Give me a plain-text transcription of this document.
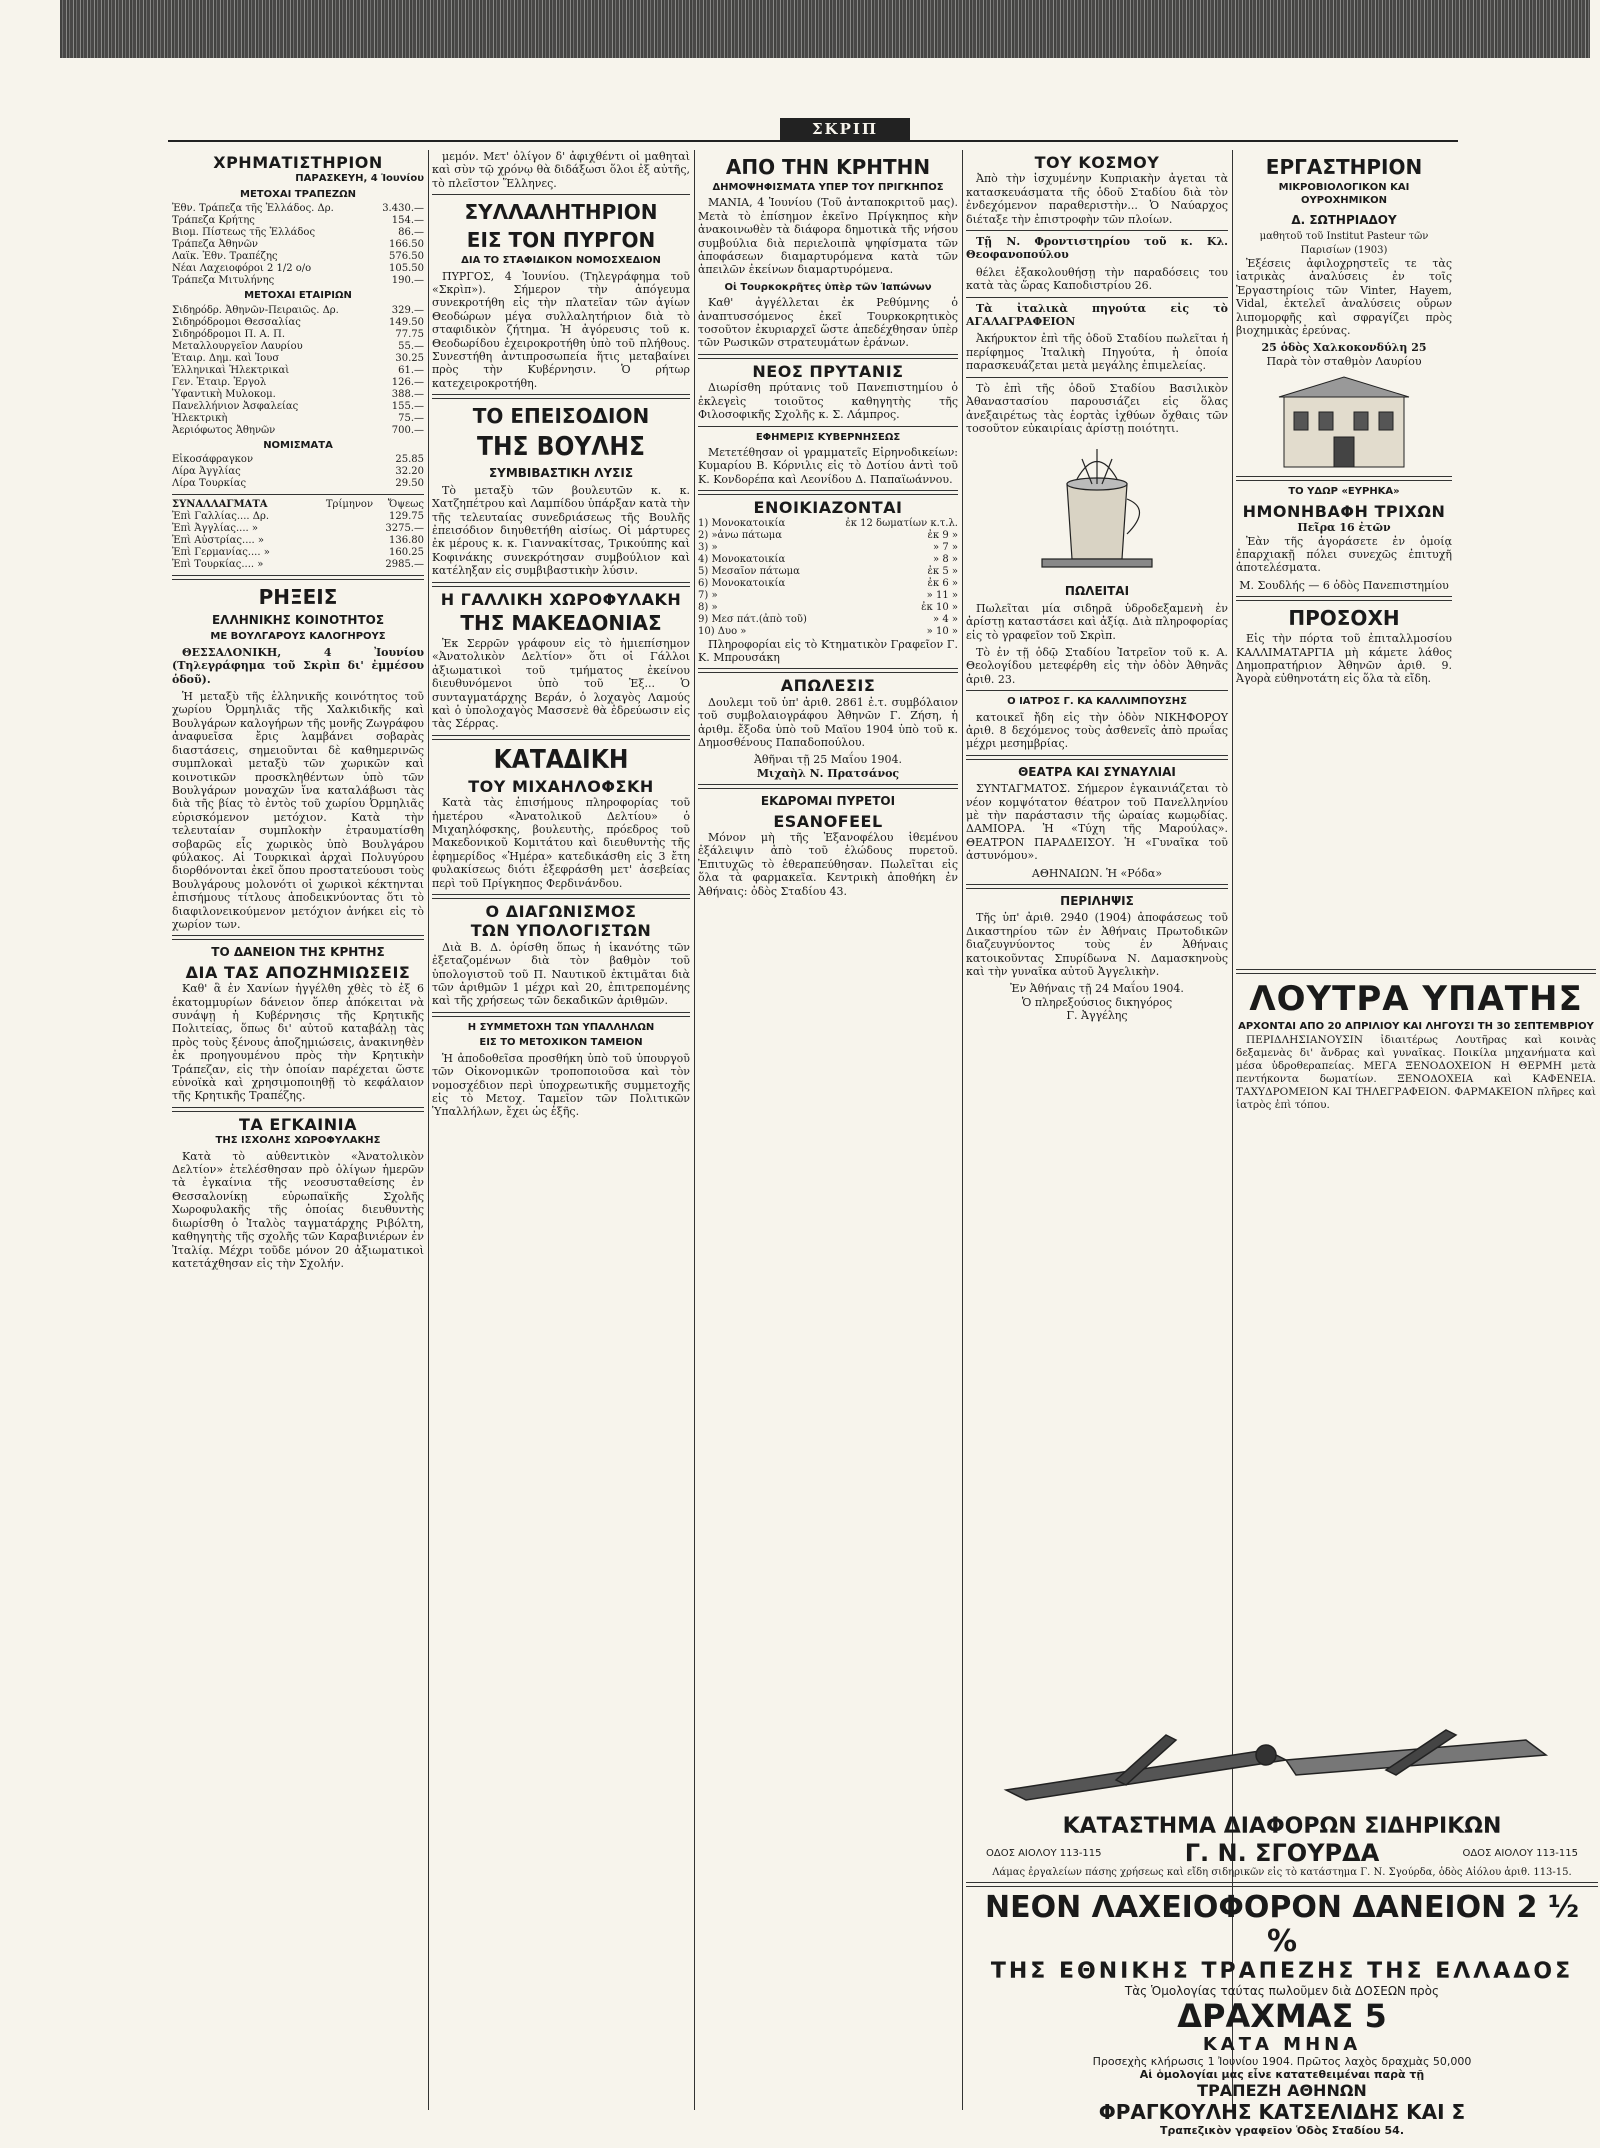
ΣΚΡΙΠ
ΧΡΗΜΑΤΙΣΤΗΡΙΟΝ
ΠΑΡΑΣΚΕΥΗ, 4 Ἰουνίου
ΜΕΤΟΧΑΙ ΤΡΑΠΕΖΩΝ
Ἐθν. Τράπεζα τῆς Ἑλλάδος. Δρ.	3.430.—
Τράπεζα Κρήτης	154.—
Βιομ. Πίστεως τῆς Ἑλλάδος	86.—
Τράπεζα Ἀθηνῶν	166.50
Λαϊκ. Ἐθν. Τραπέζης	576.50
Νέαι Λαχειοφόροι 2 1/2 ο/ο	105.50
Τράπεζα Μιτυλήνης	190.—
ΜΕΤΟΧΑΙ ΕΤΑΙΡΙΩΝ
Σιδηρόδρ. Ἀθηνῶν-Πειραιῶς. Δρ.	329.—
Σιδηρόδρομοι Θεσσαλίας	149.50
Σιδηρόδρομοι Π. Α. Π.	77.75
Μεταλλουργεῖον Λαυρίου	55.—
Ἑταιρ. Δημ. καὶ Ἰουσ	30.25
Ἑλληνικαὶ Ἠλεκτρικαὶ	61.—
Γεν. Ἐταιρ. Ἐργολ	126.—
Ὑφαντικὴ Μυλοκομ.	388.—
Πανελλήνιον Ἀσφαλείας	155.—
Ἠλεκτρικὴ	75.—
Ἀεριόφωτος Ἀθηνῶν	700.—
ΝΟΜΙΣΜΑΤΑ
Εἰκοσάφραγκον	25.85
Λίρα Ἀγγλίας	32.20
Λίρα Τουρκίας	29.50
ΣΥΝΑΛΛΑΓΜΑΤΑ	Τρίμηνον	Ὄψεως
Ἐπὶ Γαλλίας.... Δρ.	129.75
Ἐπὶ Ἀγγλίας.... »	3275.—
Ἐπὶ Αὐστρίας.... »	136.80
Ἐπὶ Γερμανίας.... »	160.25
Ἐπὶ Τουρκίας.... »	2985.—
ΡΗΞΕΙΣ
ΕΛΛΗΝΙΚΗΣ ΚΟΙΝΟΤΗΤΟΣ
ΜΕ ΒΟΥΛΓΑΡΟΥΣ ΚΑΛΟΓΗΡΟΥΣ

ΘΕΣΣΑΛΟΝΙΚΗ, 4 Ἰουνίου (Τηλεγράφημα τοῦ Σκρὶπ δι' ἐμμέσου ὁδοῦ).

Ἡ μεταξὺ τῆς ἑλληνικῆς κοινότητος τοῦ χωρίου Ὀρμηλιᾶς τῆς Χαλκιδικῆς καὶ Βουλγάρων καλογήρων τῆς μονῆς Ζωγράφου ἀναφυεῖσα ἔρις λαμβάνει σοβαρὰς διαστάσεις, σημειοῦνται δὲ καθημερινῶς συμπλοκαὶ μεταξὺ τῶν χωρικῶν καὶ κοινοτικῶν προσκληθέντων ὑπὸ τῶν Βουλγάρων μοναχῶν ἵνα καταλάβωσι τὰς διὰ τῆς βίας τὸ ἐντὸς τοῦ χωρίου Ὀρμηλιᾶς εὑρισκόμενον μετόχιον. Κατὰ τὴν τελευταίαν συμπλοκὴν ἐτραυματίσθη σοβαρῶς εἷς χωρικὸς ὑπὸ Βουλγάρου φύλακος. Αἱ Τουρκικαὶ ἀρχαὶ Πολυγύρου διορθόνονται ἐκεῖ ὅπου προστατεύουσι τοὺς Βουλγάρους μολονότι οἱ χωρικοὶ κέκτηνται ἐπισήμους τίτλους ἀποδεικνύοντας ὅτι τὸ διαφιλονεικούμενον μετόχιον ἀνήκει εἰς τὸ χωρίον των.

ΤΟ ΔΑΝΕΙΟΝ ΤΗΣ ΚΡΗΤΗΣ
ΔΙΑ ΤΑΣ ΑΠΟΖΗΜΙΩΣΕΙΣ

Καθ' ἃ ἐν Χανίων ἠγγέλθη χθὲς τὸ ἐξ 6 ἑκατομμυρίων δάνειον ὅπερ ἀπόκειται νὰ συνάψῃ ἡ Κυβέρνησις τῆς Κρητικῆς Πολιτείας, ὅπως δι' αὐτοῦ καταβάλῃ τὰς πρὸς τοὺς ξένους ἀποζημιώσεις, ἀνακινηθὲν ἐκ προηγουμένου πρὸς τὴν Κρητικὴν Τράπεζαν, εἰς τὴν ὁποίαν παρέχεται ὥστε εὐνοϊκὰ καὶ χρησιμοποιηθῇ τὸ κεφάλαιον τῆς Κρητικῆς Τραπέζης.

ΤΑ ΕΓΚΑΙΝΙΑ
ΤΗΣ ΙΣΧΟΛΗΣ ΧΩΡΟΦΥΛΑΚΗΣ

Κατὰ τὸ αὐθεντικὸν «Ἀνατολικὸν Δελτίον» ἐτελέσθησαν πρὸ ὀλίγων ἡμερῶν τὰ ἐγκαίνια τῆς νεοσυσταθείσης ἐν Θεσσαλονίκῃ εὐρωπαϊκῆς Σχολῆς Χωροφυλακῆς τῆς ὁποίας διευθυντὴς διωρίσθη ὁ Ἰταλὸς ταγματάρχης Ριβόλτη, καθηγητὴς τῆς σχολῆς τῶν Καραβινιέρων ἐν Ἰταλίᾳ. Μέχρι τοῦδε μόνον 20 ἀξιωματικοὶ κατετάχθησαν εἰς τὴν Σχολήν.

μεμόν. Μετ' ὀλίγον δ' ἀφιχθέντι οἱ μαθηταὶ καὶ σὺν τῷ χρόνῳ θὰ διδάξωσι ὅλοι ἐξ αὐτῆς, τὸ πλεῖστον Ἕλληνες.

ΣΥΛΛΑΛΗΤΗΡΙΟΝ
ΕΙΣ ΤΟΝ ΠΥΡΓΟΝ
ΔΙΑ ΤΟ ΣΤΑΦΙΔΙΚΟΝ ΝΟΜΟΣΧΕΔΙΟΝ

ΠΥΡΓΟΣ, 4 Ἰουνίου. (Τηλεγράφημα τοῦ «Σκρὶπ»). Σήμερον τὴν ἀπόγευμα συνεκροτήθη εἰς τὴν πλατεῖαν τῶν ἀγίων Θεοδώρων μέγα συλλαλητήριον διὰ τὸ σταφιδικὸν ζήτημα. Ἡ ἀγόρευσις τοῦ κ. Θεοδωρίδου ἐχειροκροτήθη ὑπὸ τοῦ πλήθους. Συνεστήθη ἀντιπροσωπεία ἥτις μεταβαίνει πρὸς τὴν Κυβέρνησιν. Ὁ ρήτωρ κατεχειροκροτήθη.

ΤΟ ΕΠΕΙΣΟΔΙΟΝ
ΤΗΣ ΒΟΥΛΗΣ
ΣΥΜΒΙΒΑΣΤΙΚΗ ΛΥΣΙΣ

Τὸ μεταξὺ τῶν βουλευτῶν κ. κ. Χατζηπέτρου καὶ Λαμπίδου ὑπάρξαν κατὰ τὴν τῆς τελευταίας συνεδριάσεως τῆς Βουλῆς ἐπεισόδιον διηυθετήθη αἰσίως. Οἱ μάρτυρες ἐκ μέρους κ. κ. Γιαννακίτσας, Τρικούπης καὶ Κοφινάκης συνεκρότησαν συμβούλιον καὶ κατέληξαν εἰς συμβιβαστικὴν λύσιν.

Η ΓΑΛΛΙΚΗ ΧΩΡΟΦΥΛΑΚΗ
ΤΗΣ ΜΑΚΕΔΟΝΙΑΣ

Ἐκ Σερρῶν γράφουν εἰς τὸ ἡμιεπίσημον «Ἀνατολικὸν Δελτίον» ὅτι οἱ Γάλλοι ἀξιωματικοὶ τοῦ τμήματος ἐκείνου διευθυνόμενοι ὑπὸ τοῦ Ἐξ... Ὁ συνταγματάρχης Βεράν, ὁ λοχαγὸς Λαμούς καὶ ὁ ὑπολοχαγὸς Μασσενὲ θὰ ἐδρεύωσιν εἰς τὰς Σέρρας.

ΚΑΤΑΔΙΚΗ
ΤΟΥ ΜΙΧΑΗΛΟΦΣΚΗ

Κατὰ τὰς ἐπισήμους πληροφορίας τοῦ ἡμετέρου «Ἀνατολικοῦ Δελτίου» ὁ Μιχαηλόφσκης, βουλευτὴς, πρόεδρος τοῦ Μακεδονικοῦ Κομιτάτου καὶ διευθυντὴς τῆς ἐφημερίδος «Ἡμέρα» κατεδικάσθη εἰς 3 ἔτη φυλακίσεως διότι ἐξεφράσθη μετ' ἀσεβείας περὶ τοῦ Πρίγκηπος Φερδινάνδου.

Ο ΔΙΑΓΩΝΙΣΜΟΣ
ΤΩΝ ΥΠΟΛΟΓΙΣΤΩΝ

Διὰ Β. Δ. ὁρίσθη ὅπως ἡ ἱκανότης τῶν ἐξεταζομένων διὰ τὸν βαθμὸν τοῦ ὑπολογιστοῦ τοῦ Π. Ναυτικοῦ ἐκτιμᾶται διὰ τῶν ἀριθμῶν 1 μέχρι καὶ 20, ἐπιτρεπομένης καὶ τῆς χρήσεως τῶν δεκαδικῶν ἀριθμῶν.

Η ΣΥΜΜΕΤΟΧΗ ΤΩΝ ΥΠΑΛΛΗΛΩΝ
ΕΙΣ ΤΟ ΜΕΤΟΧΙΚΟΝ ΤΑΜΕΙΟΝ

Ἡ ἀποδοθεῖσα προσθήκη ὑπὸ τοῦ ὑπουργοῦ τῶν Οἰκονομικῶν τροποποιοῦσα καὶ τὸν νομοσχέδιον περὶ ὑποχρεωτικῆς συμμετοχῆς εἰς τὸ Μετοχ. Ταμεῖον τῶν Πολιτικῶν Ὑπαλλήλων, ἔχει ὡς ἑξῆς.

ΑΠΟ ΤΗΝ ΚΡΗΤΗΝ
ΔΗΜΟΨΗΦΙΣΜΑΤΑ ΥΠΕΡ ΤΟΥ ΠΡΙΓΚΗΠΟΣ

ΜΑΝΙΑ, 4 Ἰουνίου (Τοῦ ἀνταποκριτοῦ μας). Μετὰ τὸ ἐπίσημον ἐκεῖνο Πρίγκηπος κὴν ἀνακοινωθὲν τὰ διάφορα δημοτικὰ τῆς νήσου συμβούλια διὰ περιελοιπὰ ψηφίσματα τῶν ἀποφάσεων διαμαρτυρόμενα κατὰ τῶν ἀπειλῶν ἐκείνων διαμαρτυρόμενα.

Οἱ Τουρκοκρῆτες ὑπὲρ τῶν Ἰαπώνων

Καθ' ἀγγέλλεται ἐκ Ρεθύμνης ὁ ἀναπτυσσόμενος ἐκεῖ Τουρκοκρητικὸς τοσοῦτον ἐκυριαρχεῖ ὥστε ἀπεδέχθησαν ὑπὲρ τῶν Ρωσικῶν στρατευμάτων ἐράνων.

ΝΕΟΣ ΠΡΥΤΑΝΙΣ

Διωρίσθη πρύτανις τοῦ Πανεπιστημίου ὁ ἐκλεγεὶς τοιοῦτος καθηγητὴς τῆς Φιλοσοφικῆς Σχολῆς κ. Σ. Λάμπρος.

ΕΦΗΜΕΡΙΣ ΚΥΒΕΡΝΗΣΕΩΣ

Μετετέθησαν οἱ γραμματεῖς Εἰρηνοδικείων: Κυμαρίου Β. Κόρνιλις εἰς τὸ Δοτίου ἀντὶ τοῦ Κ. Κονδορέπα καὶ Λεονίδου Δ. Παπαϊωάννου.

ΕΝΟΙΚΙΑΖΟΝΤΑΙ
1) Μονοκατοικία	ἐκ 12 δωματίων κ.τ.λ.
2) »ἀνω πάτωμα	ἐκ 9 »
3) »	» 7 »
4) Μονοκατοικία	» 8 »
5) Μεσαῖον πάτωμα	ἐκ 5 »
6) Μονοκατοικία	ἐκ 6 »
7) »	» 11 »
8) »	ἐκ 10 »
9) Μεσ πάτ.(ἀπὸ τοῦ)	» 4 »
10) Δυο »	» 10 »

Πληροφορίαι εἰς τὸ Κτηματικὸν Γραφεῖον Γ. Κ. Μπρουσάκη

ΑΠΩΛΕΣΙΣ

Δουλεμι τοῦ ὑπ' ἀριθ. 2861 ἐ.τ. συμβόλαιον τοῦ συμβολαιογράφου Ἀθηνῶν Γ. Ζήση, ἡ ἀριθμ. ἔξοδα ὑπὸ τοῦ Μαϊου 1904 ὑπὸ τοῦ κ. Δημοσθένους Παπαδοπούλου.

Ἀθῆναι τῇ 25 Μαΐου 1904.
Μιχαὴλ Ν. Πρατσάνος
ΕΚΔΡΟΜΑΙ ΠΥΡΕΤΟΙ
ESANOFEEL

Μόνον μὴ τῆς Ἐξανοφέλου ἰθεμένου ἐξάλειψιν ἀπὸ τοῦ ἑλώδους πυρετοῦ. Ἐπιτυχῶς τὸ ἐθεραπεύθησαν. Πωλεῖται εἰς ὅλα τὰ φαρμακεῖα. Κεντρικὴ ἀποθήκη ἐν Ἀθήναις: ὁδὸς Σταδίου 43.

ΤΟΥ ΚΟΣΜΟΥ

Ἀπὸ τὴν ἰσχυμένην Κυπριακὴν ἀγεται τὰ κατασκευάσματα τῆς ὁδοῦ Σταδίου διὰ τὸν ἐνδεχόμενον παραθεριστὴν... Ὁ Ναύαρχος διέταξε τὴν ἐπιστροφὴν τῶν πλοίων.

Τῇ Ν. Φροντιστηρίου τοῦ κ. Κλ. Θεοφανοπούλου

θέλει ἐξακολουθήσῃ τὴν παραδόσεις του κατὰ τὰς ὥρας Καποδιστρίου 26.

Τὰ ἰταλικὰ πηγούτα εἰς τὸ ΑΓΑΛΑΓΡΑΦΕΙΟΝ

Ἀκήρυκτον ἐπὶ τῆς ὁδοῦ Σταδίου πωλεῖται ἡ περίφημος Ἰταλικὴ Πηγούτα, ἡ ὁποία παρασκευάζεται μετὰ μεγάλης ἐπιμελείας.

Τὸ ἐπὶ τῆς ὁδοῦ Σταδίου Βασιλικὸν Ἀθαναστασίου παρουσιάζει εἰς ὅλας ἀνεξαιρέτως τὰς ἑορτὰς ἰχθύων ὄχθαις τῶν τοσοῦτον εὐκαιρίαις ἀρίστῃ ποιότητι.

ΠΩΛΕΙΤΑΙ

Πωλεῖται μία σιδηρᾶ ὑδροδεξαμενὴ ἐν ἀρίστῃ καταστάσει καὶ ἀξίᾳ. Διὰ πληροφορίας εἰς τὸ γραφεῖον τοῦ Σκρὶπ.

Τὸ ἐν τῇ ὁδῷ Σταδίου Ἰατρεῖον τοῦ κ. Α. Θεολογίδου μετεφέρθη εἰς τὴν ὁδὸν Ἀθηνᾶς ἀριθ. 23.

Ο ΙΑΤΡΟΣ Γ. ΚΑ ΚΑΛΛΙΜΠΟΥΣΗΣ

κατοικεῖ ἤδη εἰς τὴν ὁδὸν ΝΙΚΗΦΟΡΟΥ ἀριθ. 8 δεχόμενος τοὺς ἀσθενεῖς ἀπὸ πρωΐας μέχρι μεσημβρίας.

ΘΕΑΤΡΑ ΚΑΙ ΣΥΝΑΥΛΙΑΙ

ΣΥΝΤΑΓΜΑΤΟΣ. Σήμερον ἐγκαινιάζεται τὸ νέον κομψότατον θέατρον τοῦ Πανελληνίου μὲ τὴν παράστασιν τῆς ὡραίας κωμῳδίας. ΔΑΜΙΟΡΑ. Ἡ «Τύχη τῆς Μαρούλας». ΘΕΑΤΡΟΝ ΠΑΡΑΔΕΙΣΟΥ. Ἡ «Γυναῖκα τοῦ ἀστυνόμου».

ΑΘΗΝΑΙΩΝ. Ἡ «Ρόδα»
ΠΕΡΙΛΗΨΙΣ

Τῆς ὑπ' ἀριθ. 2940 (1904) ἀποφάσεως τοῦ Δικαστηρίου τῶν ἐν Ἀθήναις Πρωτοδικῶν διαζευγνύοντος τοὺς ἐν Ἀθήναις κατοικοῦντας Σπυρίδωνα Ν. Δαμασκηνοὺς καὶ τὴν γυναῖκα αὐτοῦ Ἀγγελικὴν.

Ἐν Ἀθήναις τῇ 24 Μαΐου 1904.
Ὁ πληρεξούσιος δικηγόρος
Γ. Ἀγγέλης
ΕΡΓΑΣΤΗΡΙΟΝ
ΜΙΚΡΟΒΙΟΛΟΓΙΚΟΝ ΚΑΙ ΟΥΡΟΧΗΜΙΚΟΝ
Δ. ΣΩΤΗΡΙΑΔΟΥ
μαθητοῦ τοῦ Institut Pasteur τῶν Παρισίων (1903)

Ἐξέσεις ἀφιλοχρηστεῖς τε τὰς ἰατρικὰς ἀναλύσεις ἐν τοῖς Ἐργαστηρίοις τῶν Vinter, Hayem, Vidal, ἐκτελεῖ ἀναλύσεις οὔρων λιπομορφῆς καὶ σφραγίζει πρὸς βιοχημικὰς ἐρεύνας.

25 ὁδὸς Χαλκοκονδύλη 25
Παρὰ τὸν σταθμὸν Λαυρίου
ΤΟ ΥΔΩΡ «ΕΥΡΗΚΑ»
ΗΜΟΝΗΒΑΦΗ ΤΡΙΧΩΝ
Πεῖρα 16 ἐτῶν

Ἐὰν τῆς ἀγοράσετε ἐν ὁμοίᾳ ἐπαρχιακῇ πόλει συνεχῶς ἐπιτυχῆ ἀποτελέσματα.

Μ. Σουδλής — 6 ὁδὸς Πανεπιστημίου
ΠΡΟΣΟΧΗ

Εἰς τὴν πόρτα τοῦ ἐπιταλλμοσίου ΚΑΛΛΙΜΑΤΑΡΓΙΑ μὴ κάμετε λάθος Δημοπρατήριον Ἀθηνῶν ἀριθ. 9. Ἀγορὰ εὐθηνοτάτη εἰς ὅλα τὰ εἴδη.

ΛΟΥΤΡΑ ΥΠΑΤΗΣ
ΑΡΧΟΝΤΑΙ ΑΠΟ 20 ΑΠΡΙΛΙΟΥ ΚΑΙ ΛΗΓΟΥΣΙ ΤΗ 30 ΣΕΠΤΕΜΒΡΙΟΥ

ΠΕΡΙΔΛΗΣΙΑΝΟΥΣΙΝ ἰδιαιτέρως Λουτῆρας καὶ κοινὰς δεξαμενὰς δι' ἄνδρας καὶ γυναῖκας. Ποικίλα μηχανήματα καὶ μέσα ὑδροθεραπείας. ΜΕΓΑ ΞΕΝΟΔΟΧΕΙΟΝ Η ΘΕΡΜΗ μετὰ πεντήκοντα δωματίων. ΞΕΝΟΔΟΧΕΙΑ καὶ ΚΑΦΕΝΕΙΑ. ΤΑΧΥΔΡΟΜΕΙΟΝ ΚΑΙ ΤΗΛΕΓΡΑΦΕΙΟΝ. ΦΑΡΜΑΚΕΙΟΝ πλῆρες καὶ ἰατρὸς ἐπὶ τόπου.

ΚΑΤΑΣΤΗΜΑ ΔΙΑΦΟΡΩΝ ΣΙΔΗΡΙΚΩΝ
ΟΔΟΣ ΑΙΟΛΟΥ 113-115	Γ. Ν. ΣΓΟΥΡΔΑ	ΟΔΟΣ ΑΙΟΛΟΥ 113-115

Λάμας ἐργαλείων πάσης χρήσεως καὶ εἴδη σιδηρικῶν εἰς τὸ κατάστημα Γ. Ν. Σγούρδα, ὁδὸς Αἰόλου ἀριθ. 113-15.

ΝΕΟΝ ΛΑΧΕΙΟΦΟΡΟΝ ΔΑΝΕΙΟΝ 2 ½ %
ΤΗΣ ΕΘΝΙΚΗΣ ΤΡΑΠΕΖΗΣ ΤΗΣ ΕΛΛΑΔΟΣ
Τὰς Ὁμολογίας ταύτας πωλοῦμεν διὰ ΔΟΣΕΩΝ πρὸς
ΔΡΑΧΜΑΣ 5
ΚΑΤΑ ΜΗΝΑ
Προσεχὴς κλήρωσις 1 Ἰουνίου 1904. Πρῶτος λαχὸς δραχμὰς 50,000
Αἱ ὁμολογίαι μας εἶνε κατατεθειμέναι παρὰ τῇ
ΤΡΑΠΕΖΗ ΑΘΗΝΩΝ
ΦΡΑΓΚΟΥΛΗΣ ΚΑΤΣΕΛΙΔΗΣ ΚΑΙ Σ
Τραπεζικὸν γραφεῖον Ὁδὸς Σταδίου 54.
